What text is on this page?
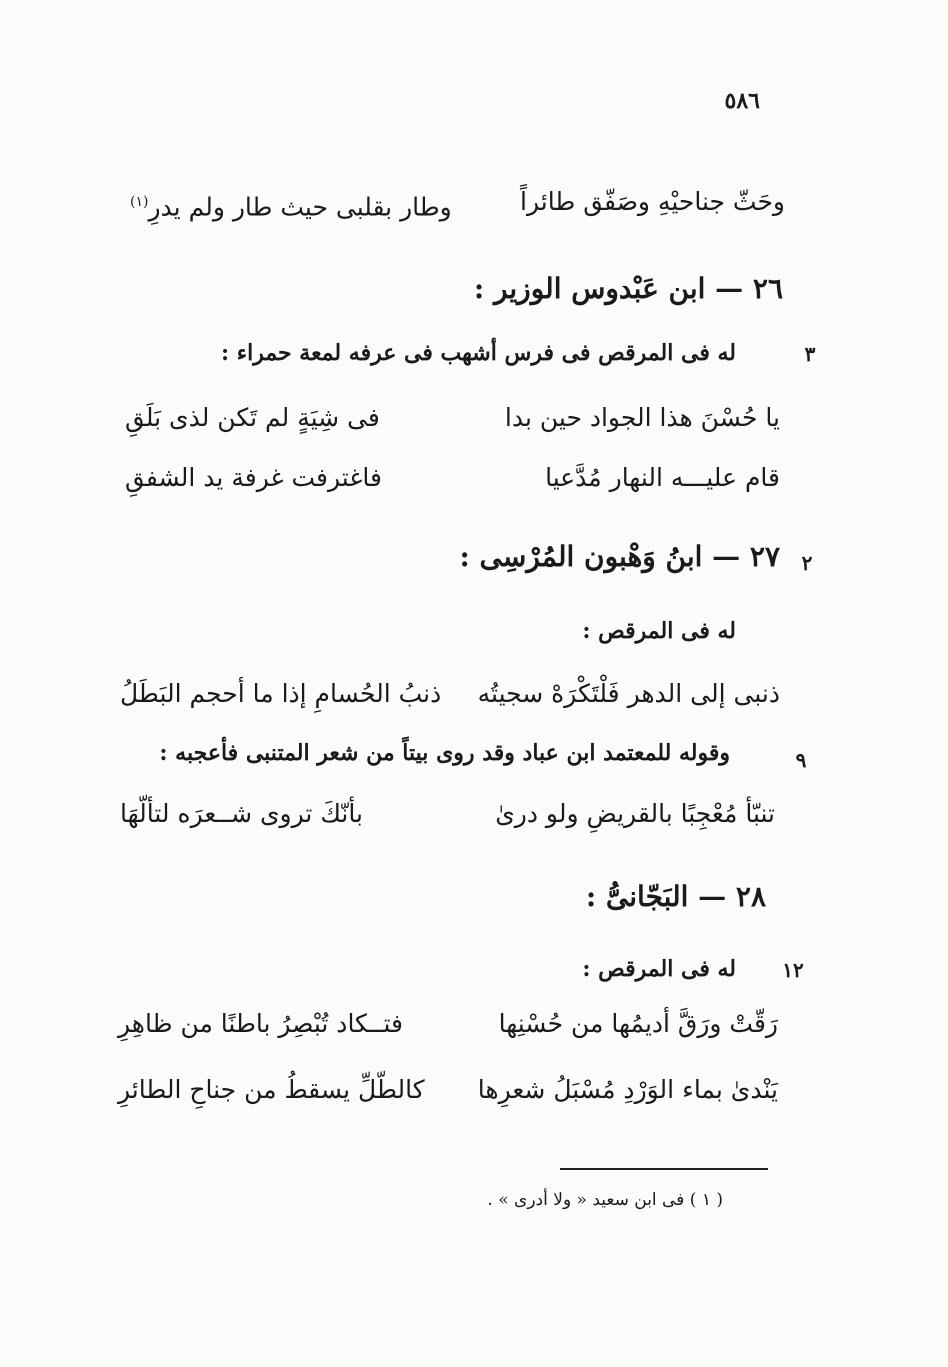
٥٨٦
وحَثّ جناحيْهِ وصَفّق طائراً
وطار بقلبى حيث طار ولم يدرِ$^{(١)}$
٢٦ — ابن عَبْدوس الوزير :
٣
له فى المرقص فى فرس أشهب فى عرفه لمعة حمراء :
يا حُسْنَ هذا الجواد حين بدا
فى شِيَةٍ لم تَكن لذى بَلَقِ
قام عليـــه النهار مُدَّعيا
فاغترفت غرفة يد الشفقِ
٢
٢٧ — ابنُ وَهْبون المُرْسِى :
له فى المرقص :
ذنبى إلى الدهر فَلْتَكْرَهْ سجيتُه
ذنبُ الحُسامِ إذا ما أحجم البَطَلُ
٩
وقوله للمعتمد ابن عباد وقد روى بيتاً من شعر المتنبى فأعجبه :
تنبّأ مُعْجِبًا بالقريضِ ولو درىٰ
بأنّكَ تروى شــعرَه لتألّهَا
٢٨ — البَجّانىُّ :
١٢
له فى المرقص :
رَقّتْ ورَقَّ أديمُها من حُسْنِها
فتــكاد تُبْصِرُ باطنًا من ظاهِرِ
يَنْدىٰ بماء الوَرْدِ مُسْبَلُ شعرِها
كالطّلِّ يسقطُ من جناحِ الطائرِ
( ١ ) فى ابن سعيد « ولا أدرى » .
